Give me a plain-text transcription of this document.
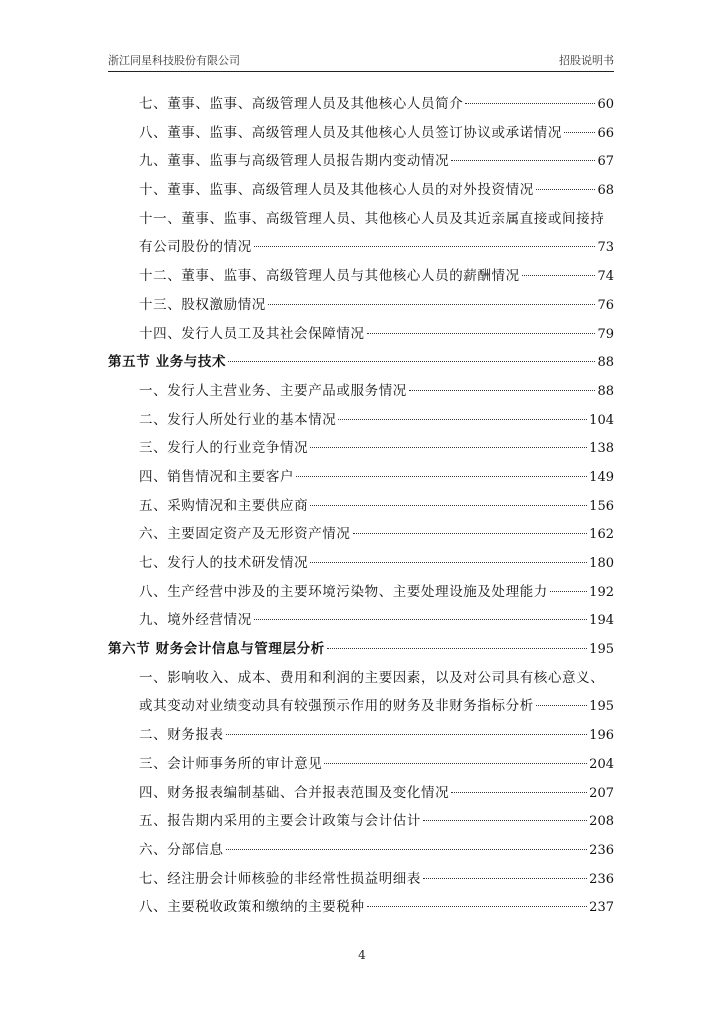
浙江同星科技股份有限公司	招股说明书
七、董事、监事、高级管理人员及其他核心人员简介	60
八、董事、监事、高级管理人员及其他核心人员签订协议或承诺情况	66
九、董事、监事与高级管理人员报告期内变动情况	67
十、董事、监事、高级管理人员及其他核心人员的对外投资情况	68
十一、董事、监事、高级管理人员、其他核心人员及其近亲属直接或间接持
有公司股份的情况	73
十二、董事、监事、高级管理人员与其他核心人员的薪酬情况	74
十三、股权激励情况	76
十四、发行人员工及其社会保障情况	79
第五节 业务与技术	88
一、发行人主营业务、主要产品或服务情况	88
二、发行人所处行业的基本情况	104
三、发行人的行业竞争情况	138
四、销售情况和主要客户	149
五、采购情况和主要供应商	156
六、主要固定资产及无形资产情况	162
七、发行人的技术研发情况	180
八、生产经营中涉及的主要环境污染物、主要处理设施及处理能力	192
九、境外经营情况	194
第六节 财务会计信息与管理层分析	195
一、影响收入、成本、费用和利润的主要因素，以及对公司具有核心意义、
或其变动对业绩变动具有较强预示作用的财务及非财务指标分析	195
二、财务报表	196
三、会计师事务所的审计意见	204
四、财务报表编制基础、合并报表范围及变化情况	207
五、报告期内采用的主要会计政策与会计估计	208
六、分部信息	236
七、经注册会计师核验的非经常性损益明细表	236
八、主要税收政策和缴纳的主要税种	237
4
